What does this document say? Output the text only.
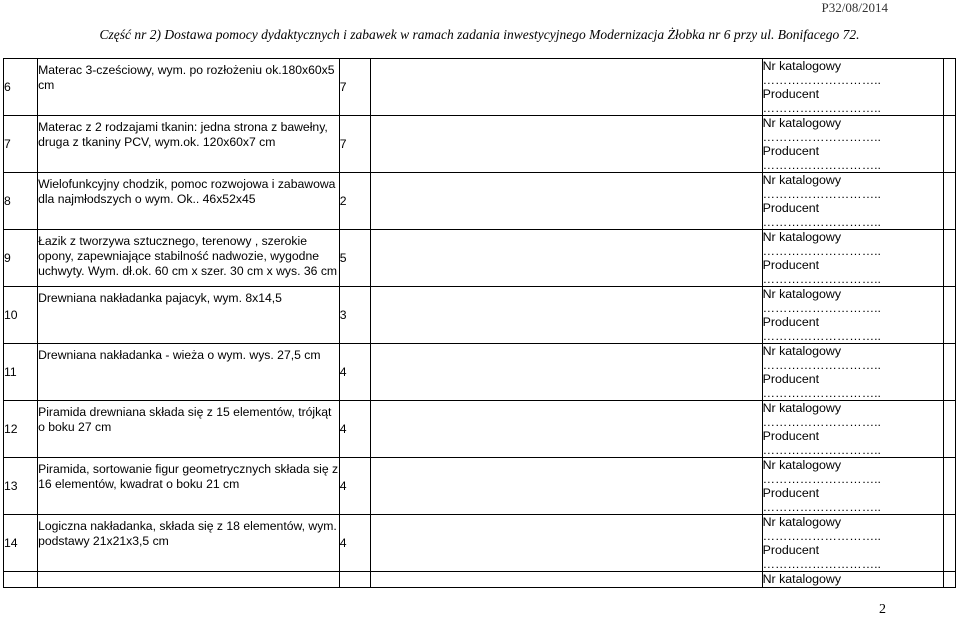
P32/08/2014
Część nr 2) Dostawa pomocy dydaktycznych i zabawek w ramach zadania inwestycyjnego Modernizacja Żłobka nr 6 przy ul. Bonifacego 72.
6	Materac 3-cześciowy, wym. po rozłożeniu ok.180x60x5 cm	7		Nr katalogowy
………………………..
Producent
………………………..	

7	Materac z 2 rodzajami tkanin: jedna strona z bawełny, druga z tkaniny PCV, wym.ok. 120x60x7 cm	7		Nr katalogowy
………………………..
Producent
………………………..	

8	Wielofunkcyjny chodzik, pomoc rozwojowa i zabawowa dla najmłodszych o wym. Ok.. 46x52x45	2		Nr katalogowy
………………………..
Producent
………………………..	

9	Łazik z tworzywa sztucznego, terenowy , szerokie opony, zapewniające stabilność nadwozie, wygodne uchwyty. Wym. dł.ok. 60 cm x szer. 30 cm x wys. 36 cm	5		Nr katalogowy
………………………..
Producent
………………………..	

10	Drewniana nakładanka pajacyk, wym. 8x14,5	3		Nr katalogowy
………………………..
Producent
………………………..	

11	Drewniana nakładanka - wieża o wym. wys. 27,5 cm	4		Nr katalogowy
………………………..
Producent
………………………..	

12	Piramida drewniana składa się z 15 elementów, trójkąt o boku 27 cm	4		Nr katalogowy
………………………..
Producent
………………………..	

13	Piramida, sortowanie figur geometrycznych składa się z 16 elementów, kwadrat o boku 21 cm	4		Nr katalogowy
………………………..
Producent
………………………..	

14	Logiczna nakładanka, składa się z 18 elementów, wym. podstawy 21x21x3,5 cm	4		Nr katalogowy
………………………..
Producent
………………………..	

				Nr katalogowy	

2
